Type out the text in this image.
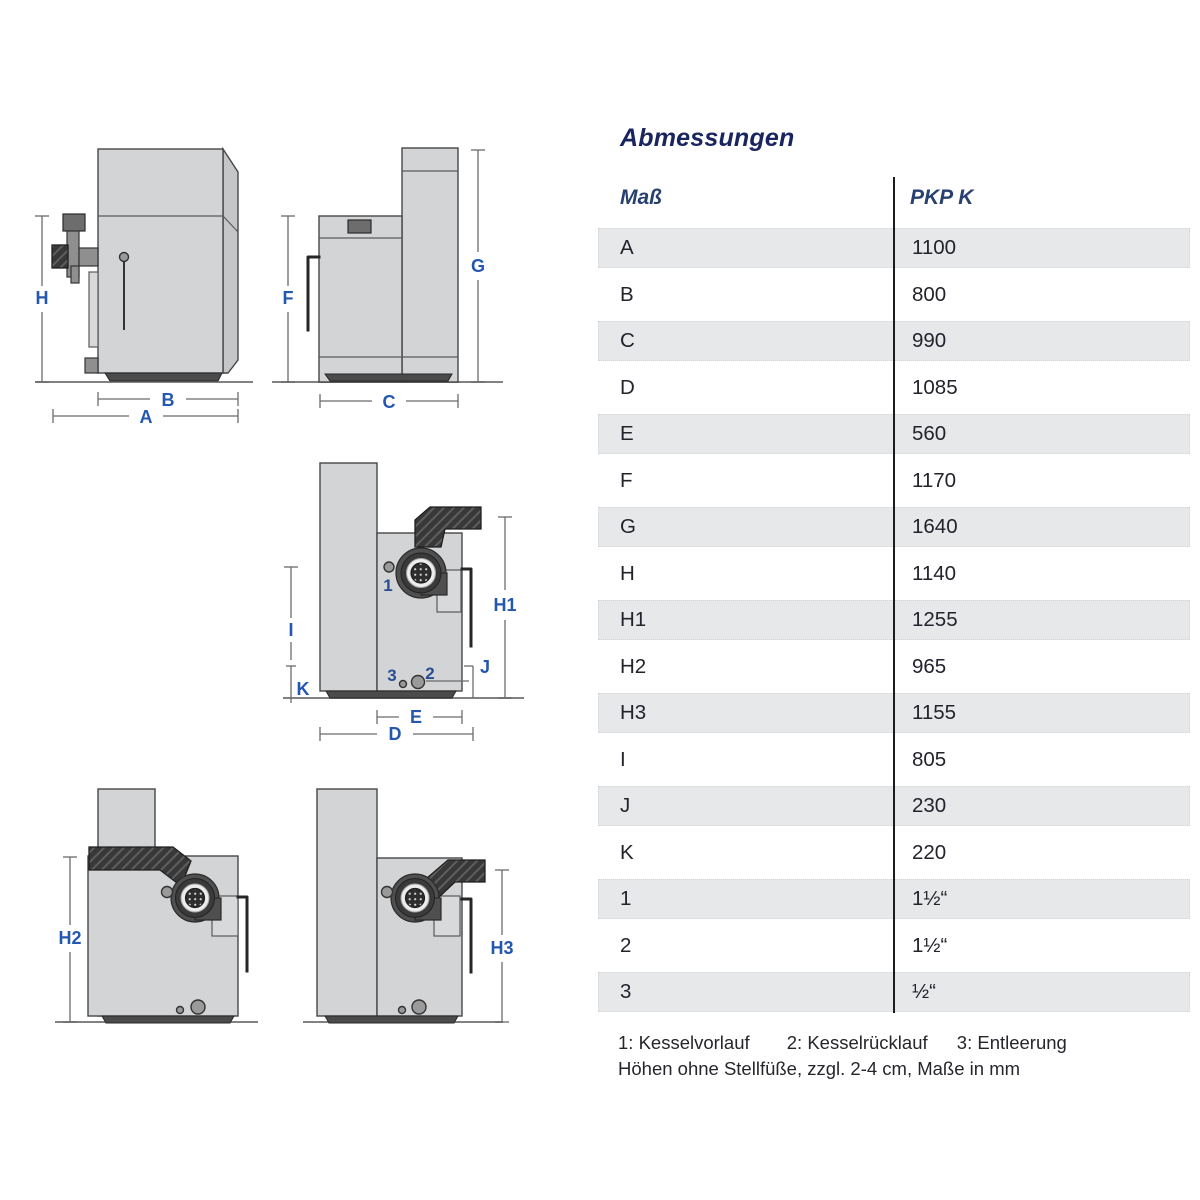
H
B
A
F
G
C
1
2
3
I
K
H1
J
E
D
H2	H3
Abmessungen
Maß	PKP K
A	1100
B	800
C	990
D	1085
E	560
F	1170
G	1640
H	1140
H1	1255
H2	965
H3	1155
I	805
J	230
K	220
1	1½“
2	1½“
3	½“
1: Kesselvorlauf 2: Kesselrücklauf 3: Entleerung
Höhen ohne Stellfüße, zzgl. 2-4 cm, Maße in mm
